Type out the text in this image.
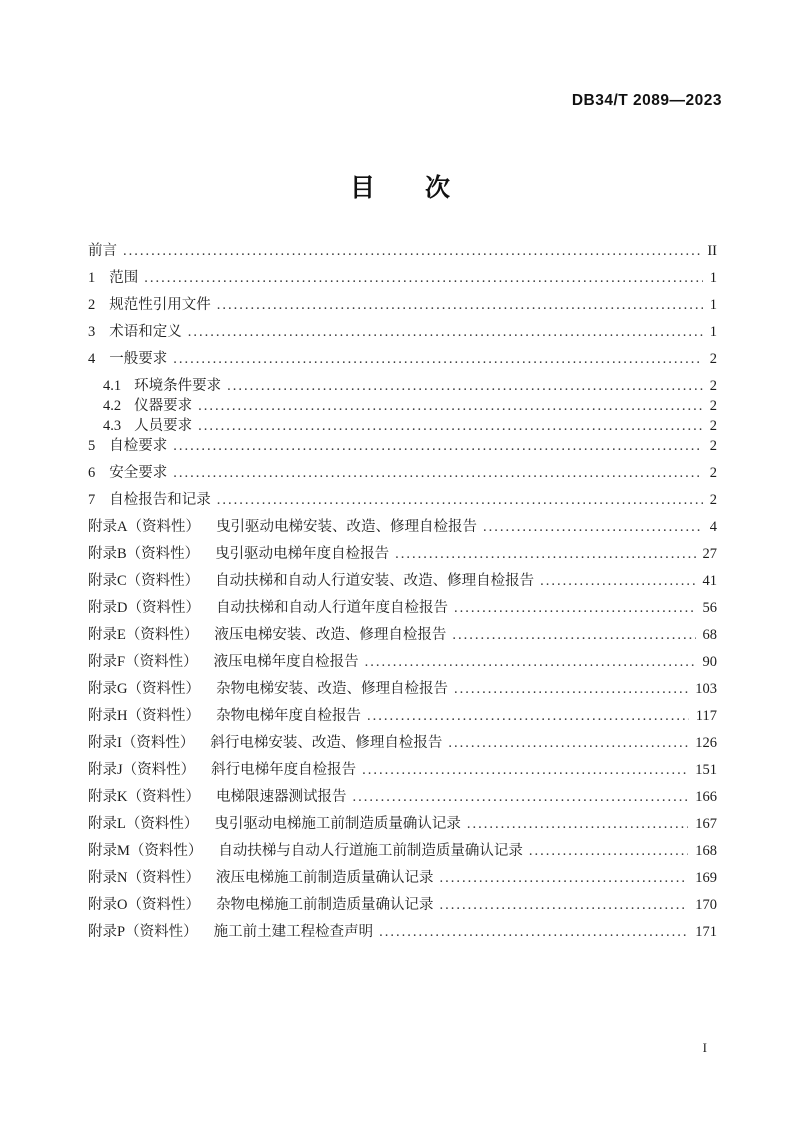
DB34/T 2089—2023
目　　次
前言 .....	II
1 范围 .....	1
2 规范性引用文件 .....	1
3 术语和定义 .....	1
4 一般要求 .....	2
4.1 环境条件要求 .....	2
4.2 仪器要求 .....	2
4.3 人员要求 .....	2
5 自检要求 .....	2
6 安全要求 .....	2
7 自检报告和记录 .....	2
附录A（资料性） 曳引驱动电梯安装、改造、修理自检报告 .....	4
附录B（资料性） 曳引驱动电梯年度自检报告 .....	27
附录C（资料性） 自动扶梯和自动人行道安装、改造、修理自检报告 .....	41
附录D（资料性） 自动扶梯和自动人行道年度自检报告 .....	56
附录E（资料性） 液压电梯安装、改造、修理自检报告 .....	68
附录F（资料性） 液压电梯年度自检报告 .....	90
附录G（资料性） 杂物电梯安装、改造、修理自检报告 .....	103
附录H（资料性） 杂物电梯年度自检报告 .....	117
附录I（资料性） 斜行电梯安装、改造、修理自检报告 .....	126
附录J（资料性） 斜行电梯年度自检报告 .....	151
附录K（资料性） 电梯限速器测试报告 .....	166
附录L（资料性） 曳引驱动电梯施工前制造质量确认记录 .....	167
附录M（资料性） 自动扶梯与自动人行道施工前制造质量确认记录 .....	168
附录N（资料性） 液压电梯施工前制造质量确认记录 .....	169
附录O（资料性） 杂物电梯施工前制造质量确认记录 .....	170
附录P（资料性） 施工前土建工程检查声明 .....	171
I
